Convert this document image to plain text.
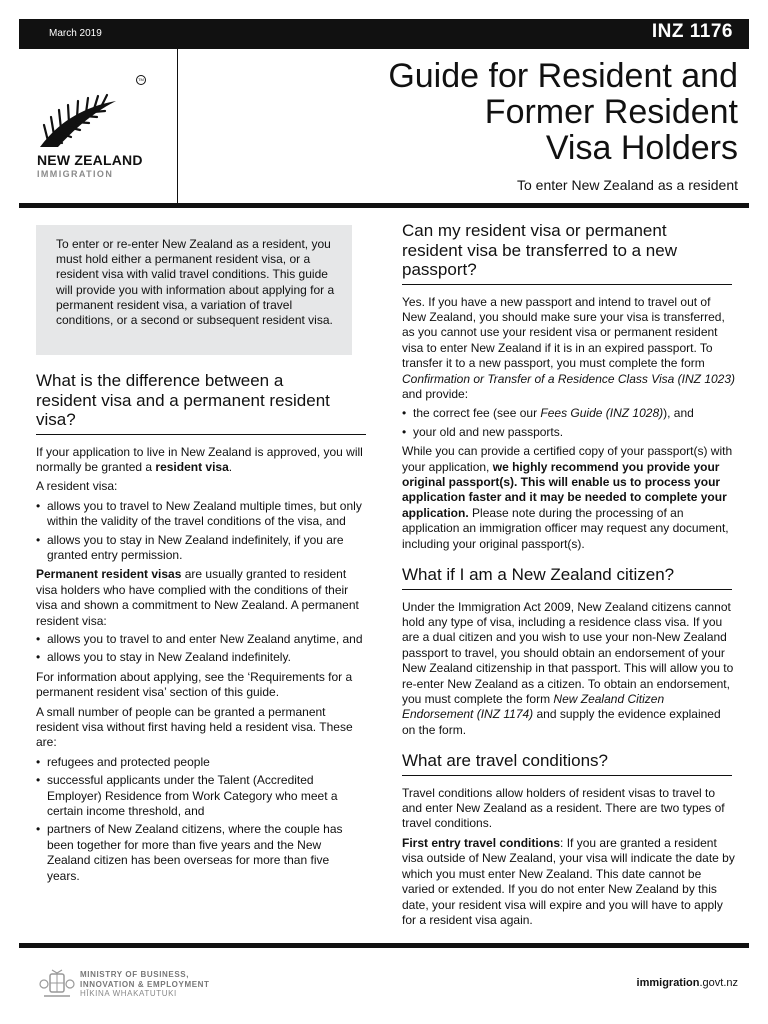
March 2019	INZ 1176
TM
NEW ZEALAND
IMMIGRATION
Guide for Resident and
Former Resident
Visa Holders
To enter New Zealand as a resident
To enter or re-enter New Zealand as a resident, you must hold either a permanent resident visa, or a resident visa with valid travel conditions. This guide will provide you with information about applying for a permanent resident visa, a variation of travel conditions, or a second or subsequent resident visa.
What is the difference between a resident visa and a permanent resident visa?

If your application to live in New Zealand is approved, you will normally be granted a resident visa.

A resident visa:

• allows you to travel to New Zealand multiple times, but only within the validity of the travel conditions of the visa, and
• allows you to stay in New Zealand indefinitely, if you are granted entry permission.

Permanent resident visas are usually granted to resident visa holders who have complied with the conditions of their visa and shown a commitment to New Zealand. A permanent resident visa:

• allows you to travel to and enter New Zealand anytime, and
• allows you to stay in New Zealand indefinitely.

For information about applying, see the ‘Requirements for a permanent resident visa’ section of this guide.

A small number of people can be granted a permanent resident visa without first having held a resident visa. These are:

• refugees and protected people
• successful applicants under the Talent (Accredited Employer) Residence from Work Category who meet a certain income threshold, and
• partners of New Zealand citizens, where the couple has been together for more than five years and the New Zealand citizen has been overseas for more than five years.
Can my resident visa or permanent resident visa be transferred to a new passport?

Yes. If you have a new passport and intend to travel out of New Zealand, you should make sure your visa is transferred, as you cannot use your resident visa or permanent resident visa to enter New Zealand if it is in an expired passport. To transfer it to a new passport, you must complete the form Confirmation or Transfer of a Residence Class Visa (INZ 1023) and provide:

• the correct fee (see our Fees Guide (INZ 1028)), and
• your old and new passports.

While you can provide a certified copy of your passport(s) with your application, we highly recommend you provide your original passport(s). This will enable us to process your application faster and it may be needed to complete your application. Please note during the processing of an application an immigration officer may request any document, including your original passport(s).

What if I am a New Zealand citizen?

Under the Immigration Act 2009, New Zealand citizens cannot hold any type of visa, including a residence class visa. If you are a dual citizen and you wish to use your non-New Zealand passport to travel, you should obtain an endorsement of your New Zealand citizenship in that passport. This will allow you to re-enter New Zealand as a citizen. To obtain an endorsement, you must complete the form New Zealand Citizen Endorsement (INZ 1174) and supply the evidence explained on the form.

What are travel conditions?

Travel conditions allow holders of resident visas to travel to and enter New Zealand as a resident. There are two types of travel conditions.

First entry travel conditions: If you are granted a resident visa outside of New Zealand, your visa will indicate the date by which you must enter New Zealand. This date cannot be varied or extended. If you do not enter New Zealand by this date, your resident visa will expire and you will have to apply for a resident visa again.

MINISTRY OF BUSINESS,
INNOVATION & EMPLOYMENT
HĪKINA WHAKATUTUKI
immigration.govt.nz
